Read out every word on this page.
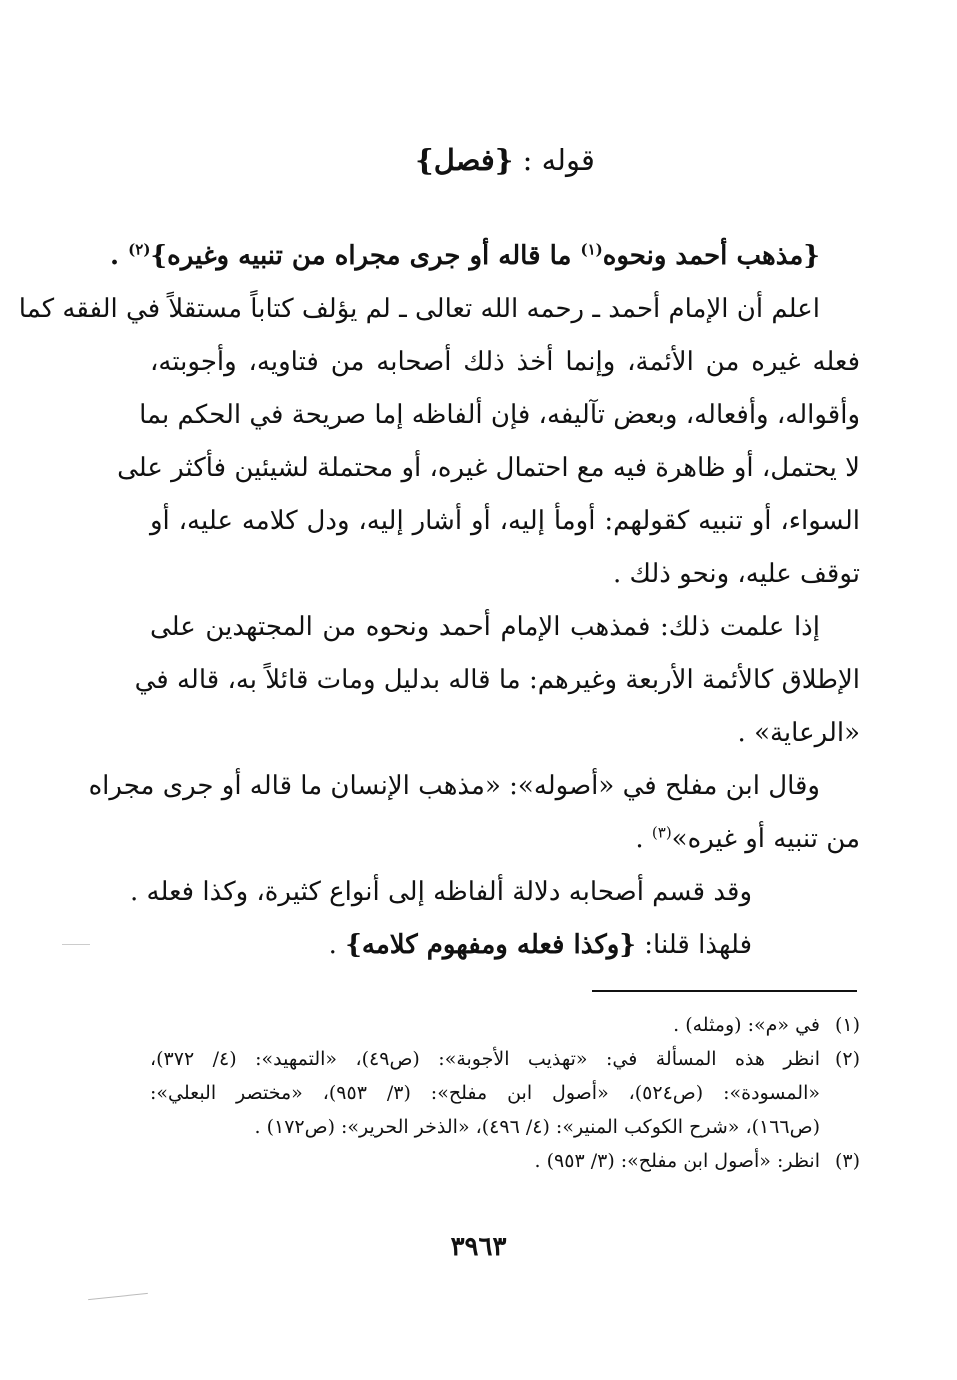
قوله : {فصل}
{مذهب أحمد ونحوه$^{(١)}$ ما قاله أو جرى مجراه من تنبيه وغيره}$^{(٢)}$ .
اعلم أن الإمام أحمد ـ رحمه الله تعالى ـ لم يؤلف كتاباً مستقلاً في الفقه كما
فعله غيره من الأئمة، وإنما أخذ ذلك أصحابه من فتاويه، وأجوبته،
وأقواله، وأفعاله، وبعض تآليفه، فإن ألفاظه إما صريحة في الحكم بما
لا يحتمل، أو ظاهرة فيه مع احتمال غيره، أو محتملة لشيئين فأكثر على
السواء، أو تنبيه كقولهم: أومأ إليه، أو أشار إليه، ودل كلامه عليه، أو
توقف عليه، ونحو ذلك .
إذا علمت ذلك: فمذهب الإمام أحمد ونحوه من المجتهدين على
الإطلاق كالأئمة الأربعة وغيرهم: ما قاله بدليل ومات قائلاً به، قاله في
«الرعاية» .
وقال ابن مفلح في «أصوله»: «مذهب الإنسان ما قاله أو جرى مجراه
من تنبيه أو غيره»$^{(٣)}$ .
وقد قسم أصحابه دلالة ألفاظه إلى أنواع كثيرة، وكذا فعله .
فلهذا قلنا: {وكذا فعله ومفهوم كلامه} .
(١)في «م»: (ومثله) .
(٢)انظر هذه المسألة في: «تهذيب الأجوبة»: (ص٤٩)، «التمهيد»: (٤/ ٣٧٢)،
«المسودة»: (ص٥٢٤)، «أصول ابن مفلح»: (٣/ ٩٥٣)، «مختصر البعلي»:
(ص١٦٦)، «شرح الكوكب المنير»: (٤/ ٤٩٦)، «الذخر الحرير»: (ص١٧٢) .
(٣)انظر: «أصول ابن مفلح»: (٣/ ٩٥٣) .
٣٩٦٣
